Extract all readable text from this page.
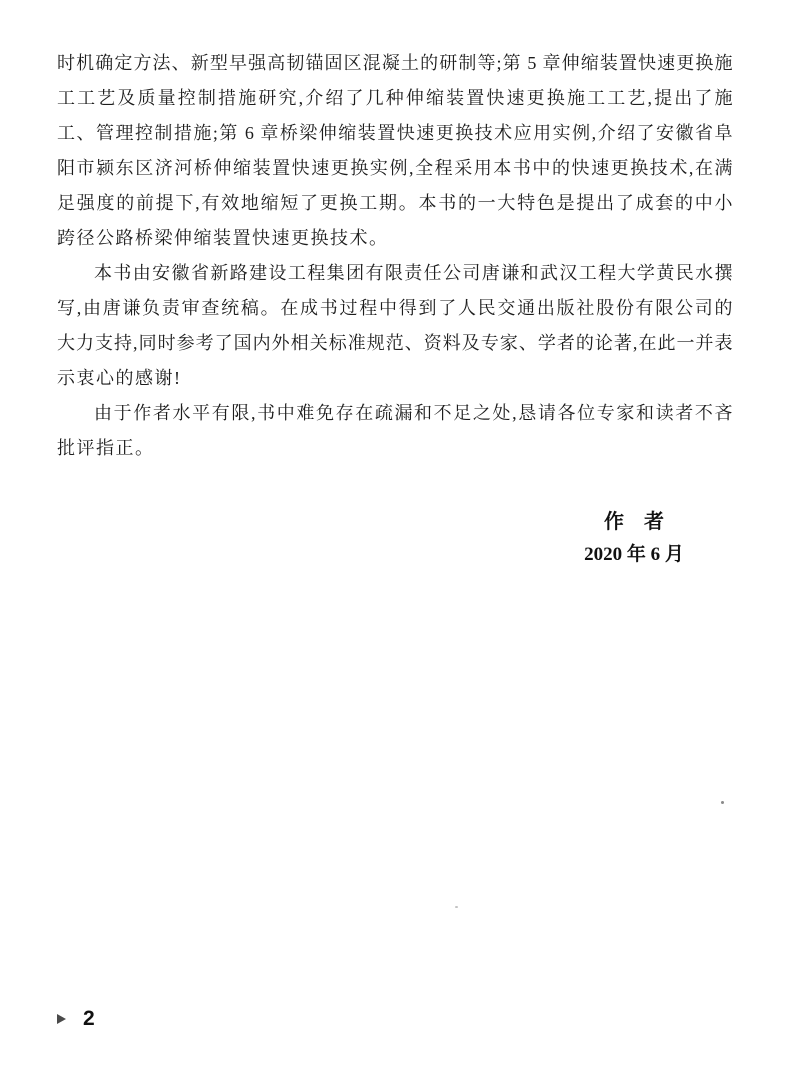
时机确定方法、新型早强高韧锚固区混凝土的研制等;第 5 章伸缩装置快速更换施
工工艺及质量控制措施研究,介绍了几种伸缩装置快速更换施工工艺,提出了施
工、管理控制措施;第 6 章桥梁伸缩装置快速更换技术应用实例,介绍了安徽省阜
阳市颍东区济河桥伸缩装置快速更换实例,全程采用本书中的快速更换技术,在满
足强度的前提下,有效地缩短了更换工期。本书的一大特色是提出了成套的中小
跨径公路桥梁伸缩装置快速更换技术。
本书由安徽省新路建设工程集团有限责任公司唐谦和武汉工程大学黄民水撰
写,由唐谦负责审查统稿。在成书过程中得到了人民交通出版社股份有限公司的
大力支持,同时参考了国内外相关标准规范、资料及专家、学者的论著,在此一并表
示衷心的感谢!
由于作者水平有限,书中难免存在疏漏和不足之处,恳请各位专家和读者不吝
批评指正。
作　者
2020 年 6 月
2
